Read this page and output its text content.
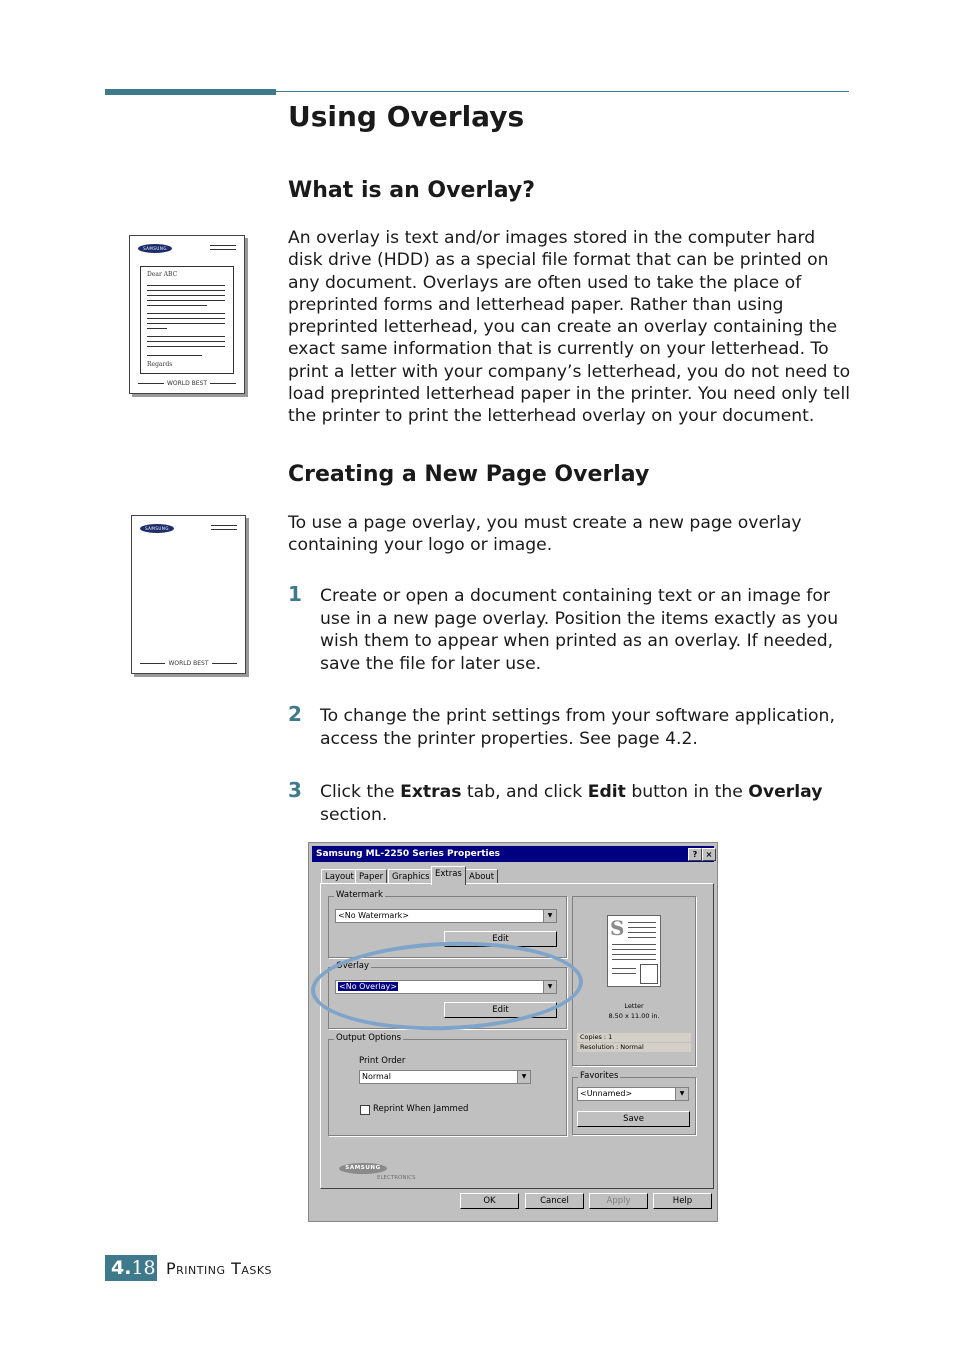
Using Overlays
What is an Overlay?

An overlay is text and/or images stored in the computer hard disk drive (HDD) as a special file format that can be printed on any document. Overlays are often used to take the place of preprinted forms and letterhead paper. Rather than using preprinted letterhead, you can create an overlay containing the exact same information that is currently on your letterhead. To print a letter with your company’s letterhead, you do not need to load preprinted letterhead paper in the printer. You need only tell the printer to print the letterhead overlay on your document.

SAMSUNG
Dear ABC
Regards
WORLD BEST
Creating a New Page Overlay

To use a page overlay, you must create a new page overlay containing your logo or image.

SAMSUNG
WORLD BEST
1 Create or open a document containing text or an image for use in a new page overlay. Position the items exactly as you wish them to appear when printed as an overlay. If needed, save the file for later use.

2 To change the print settings from your software application, access the printer properties. See page 4.2.

3 Click the Extras tab, and click Edit button in the Overlay section.

Samsung ML-2250 Series Properties	?	×
Layout Paper	Graphics Extras About
Watermark
<No Watermark>	▼
Edit
Overlay
<No Overlay>	▼
Edit
Output Options
Print Order
Normal	▼
Reprint When Jammed
S
Letter
8.50 x 11.00 in.
Copies : 1
Resolution : Normal
Favorites
<Unnamed>	▼
Save
SAMSUNG
ELECTRONICS
OK	Cancel	Apply	Help
4.18 Printing Tasks
